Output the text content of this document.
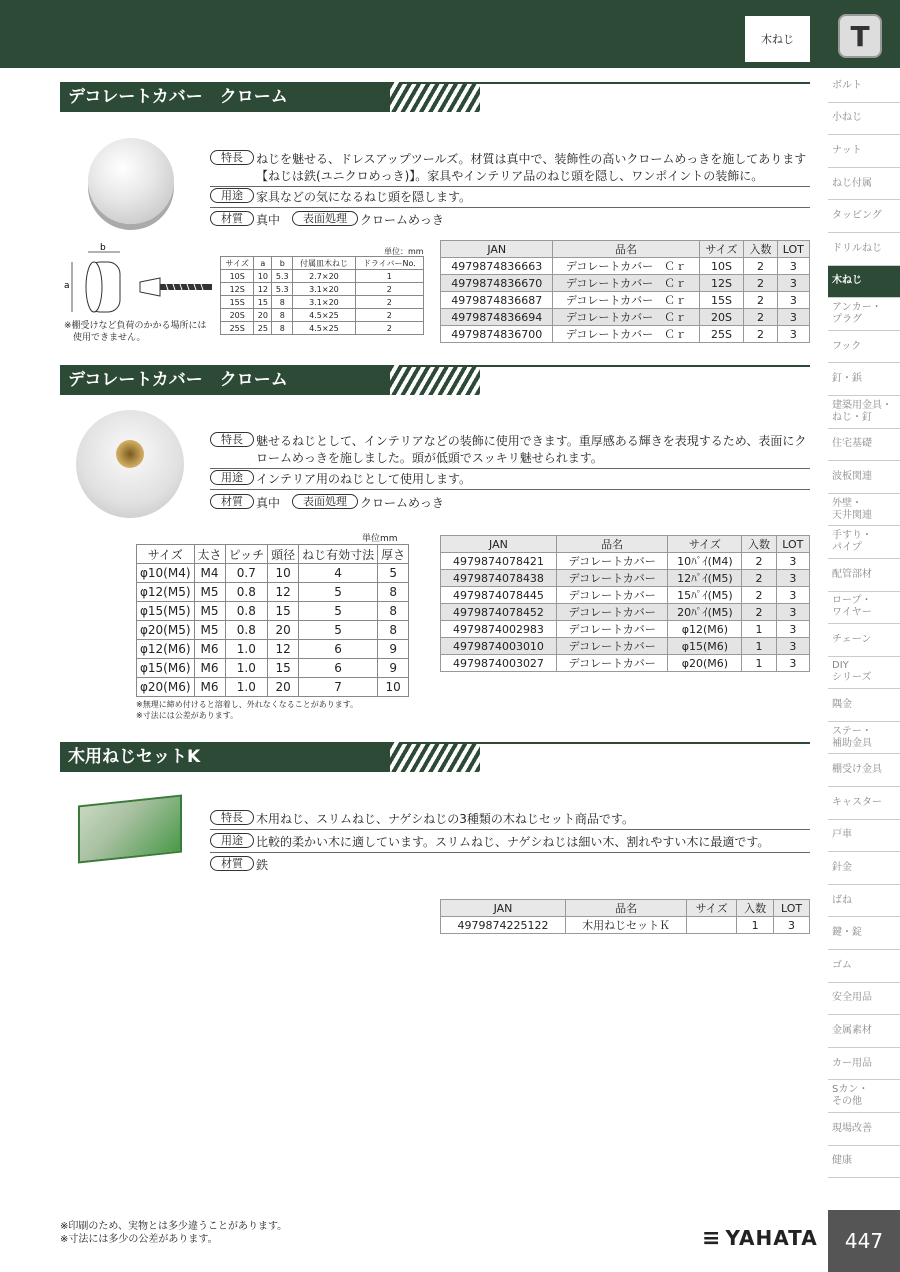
木ねじ	T
ボルト
小ねじ
ナット
ねじ付属
タッピング
ドリルねじ
木ねじ
アンカー・
プラグ
フック
釘・鋲
建築用金具・
ねじ・釘
住宅基礎
波板関連
外壁・
天井関連
手すり・
パイプ
配管部材
ロープ・
ワイヤー
チェーン
DIY
シリーズ
隅金
ステー・
補助金具
棚受け金具
キャスター
戸車
針金
ばね
鍵・錠
ゴム
安全用品
金属素材
カー用品
Sカン・
その他
現場改善
健康
デコレートカバー　クローム
特長	ねじを魅せる、ドレスアップツールズ。材質は真中で、装飾性の高いクロームめっきを施してあります【ねじは鉄(ユニクロめっき)】。家具やインテリア品のねじ頭を隠し、ワンポイントの装飾に。
用途	家具などの気になるねじ頭を隠します。
材質	真中	表面処理	クロームめっき
b
a
※棚受けなど負荷のかかる場所には
　使用できません。
単位：mm
サイズ	a	b	付属皿木ねじ	ドライバーNo.
10S	10	5.3	2.7×20	1
12S	12	5.3	3.1×20	2
15S	15	8	3.1×20	2
20S	20	8	4.5×25	2
25S	25	8	4.5×25	2
JAN	品名	サイズ	入数	LOT
4979874836663	デコレートカバー　Ｃｒ	10S	2	3
4979874836670	デコレートカバー　Ｃｒ	12S	2	3
4979874836687	デコレートカバー　Ｃｒ	15S	2	3
4979874836694	デコレートカバー　Ｃｒ	20S	2	3
4979874836700	デコレートカバー　Ｃｒ	25S	2	3
デコレートカバー　クローム
特長	魅せるねじとして、インテリアなどの装飾に使用できます。重厚感ある輝きを表現するため、表面にクロームめっきを施しました。頭が低頭でスッキリ魅せられます。
用途	インテリア用のねじとして使用します。
材質	真中	表面処理	クロームめっき
単位mm
サイズ	太さ	ピッチ	頭径	ねじ有効寸法	厚さ
φ10(M4)	M4	0.7	10	4	5
φ12(M5)	M5	0.8	12	5	8
φ15(M5)	M5	0.8	15	5	8
φ20(M5)	M5	0.8	20	5	8
φ12(M6)	M6	1.0	12	6	9
φ15(M6)	M6	1.0	15	6	9
φ20(M6)	M6	1.0	20	7	10
※無理に締め付けると溶着し、外れなくなることがあります。
※寸法には公差があります。
JAN	品名	サイズ	入数	LOT
4979874078421	デコレートカバー	10ﾊﾟｲ(M4)	2	3
4979874078438	デコレートカバー	12ﾊﾟｲ(M5)	2	3
4979874078445	デコレートカバー	15ﾊﾟｲ(M5)	2	3
4979874078452	デコレートカバー	20ﾊﾟｲ(M5)	2	3
4979874002983	デコレートカバー	φ12(M6)	1	3
4979874003010	デコレートカバー	φ15(M6)	1	3
4979874003027	デコレートカバー	φ20(M6)	1	3
木用ねじセットK
特長	木用ねじ、スリムねじ、ナゲシねじの3種類の木ねじセット商品です。
用途	比較的柔かい木に適しています。スリムねじ、ナゲシねじは細い木、割れやすい木に最適です。
材質	鉄
JAN	品名	サイズ	入数	LOT
4979874225122	木用ねじセットＫ		1	3
※印刷のため、実物とは多少違うことがあります。
※寸法には多少の公差があります。	≡ YAHATA	447
